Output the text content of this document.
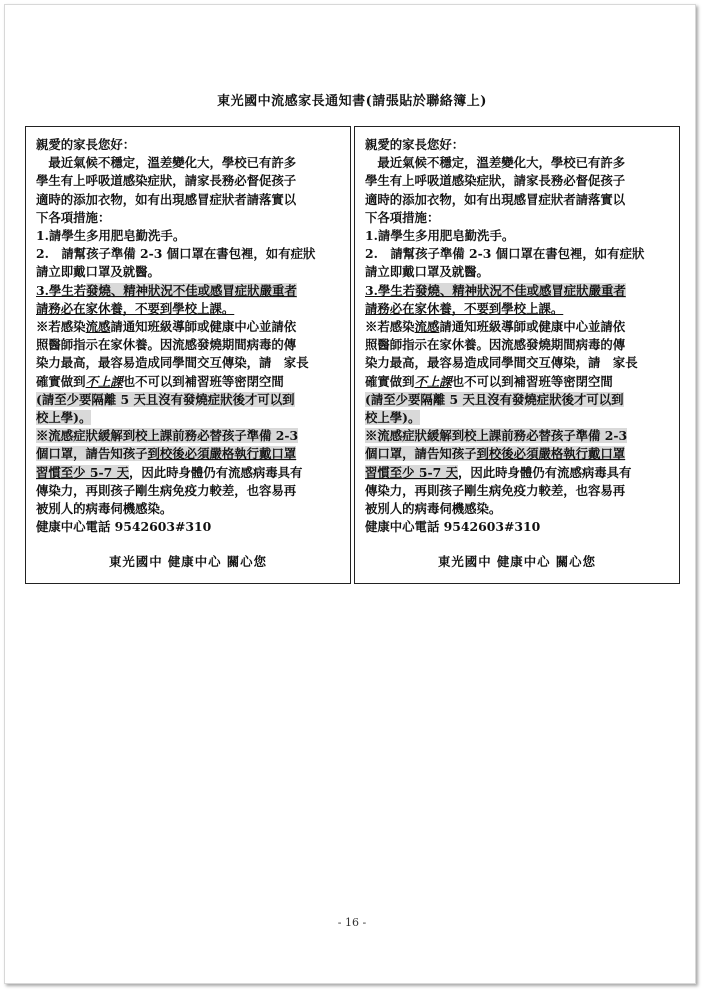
東光國中流感家長通知書(請張貼於聯絡簿上)
親愛的家長您好：
　最近氣候不穩定，溫差變化大，學校已有許多
學生有上呼吸道感染症狀，請家長務必督促孩子
適時的添加衣物，如有出現感冒症狀者請落實以
下各項措施：
1.請學生多用肥皂勤洗手。
2.　請幫孩子準備 2-3 個口罩在書包裡，如有症狀
請立即戴口罩及就醫。
3.學生若發燒、精神狀況不佳或感冒症狀嚴重者
請務必在家休養，不要到學校上課。
※若感染流感請通知班級導師或健康中心並請依
照醫師指示在家休養。因流感發燒期間病毒的傳
染力最高，最容易造成同學間交互傳染，請　家長
確實做到不上課也不可以到補習班等密閉空間
(請至少要隔離 5 天且沒有發燒症狀後才可以到
校上學)。
※流感症狀緩解到校上課前務必替孩子準備 2-3
個口罩，請告知孩子到校後必須嚴格執行戴口罩
習慣至少 5-7 天，因此時身體仍有流感病毒具有
傳染力，再則孩子剛生病免疫力較差，也容易再
被別人的病毒伺機感染。
健康中心電話 9542603#310
東光國中 健康中心 關心您
親愛的家長您好：
　最近氣候不穩定，溫差變化大，學校已有許多
學生有上呼吸道感染症狀，請家長務必督促孩子
適時的添加衣物，如有出現感冒症狀者請落實以
下各項措施：
1.請學生多用肥皂勤洗手。
2.　請幫孩子準備 2-3 個口罩在書包裡，如有症狀
請立即戴口罩及就醫。
3.學生若發燒、精神狀況不佳或感冒症狀嚴重者
請務必在家休養，不要到學校上課。
※若感染流感請通知班級導師或健康中心並請依
照醫師指示在家休養。因流感發燒期間病毒的傳
染力最高，最容易造成同學間交互傳染，請　家長
確實做到不上課也不可以到補習班等密閉空間
(請至少要隔離 5 天且沒有發燒症狀後才可以到
校上學)。
※流感症狀緩解到校上課前務必替孩子準備 2-3
個口罩，請告知孩子到校後必須嚴格執行戴口罩
習慣至少 5-7 天，因此時身體仍有流感病毒具有
傳染力，再則孩子剛生病免疫力較差，也容易再
被別人的病毒伺機感染。
健康中心電話 9542603#310
東光國中 健康中心 關心您
- 16 -
